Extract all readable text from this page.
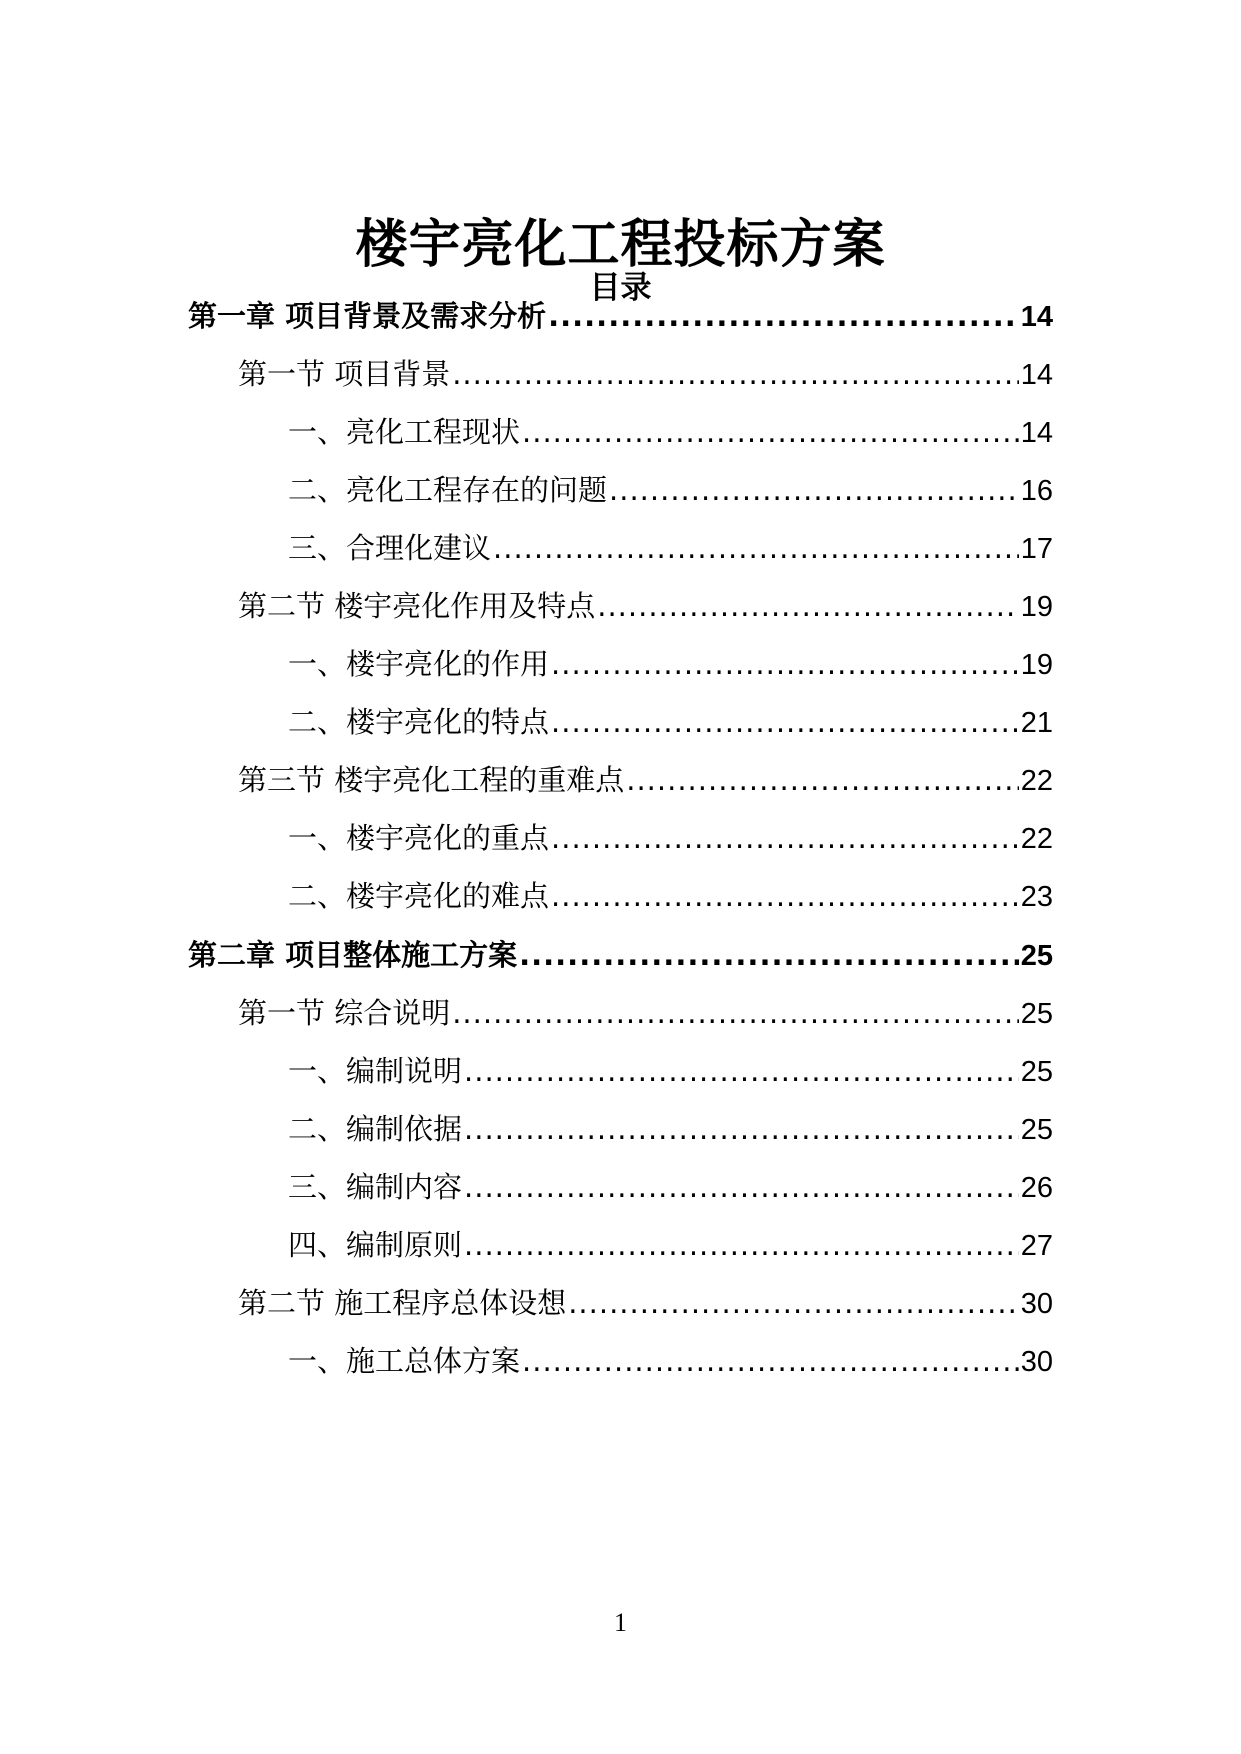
楼宇亮化工程投标方案
目录
第一章 项目背景及需求分析 .....	14
第一节 项目背景 .....	14
一、亮化工程现状 .....	14
二、亮化工程存在的问题 .....	16
三、合理化建议 .....	17
第二节 楼宇亮化作用及特点 .....	19
一、楼宇亮化的作用 .....	19
二、楼宇亮化的特点 .....	21
第三节 楼宇亮化工程的重难点 .....	22
一、楼宇亮化的重点 .....	22
二、楼宇亮化的难点 .....	23
第二章 项目整体施工方案 .....	25
第一节 综合说明 .....	25
一、编制说明 .....	25
二、编制依据 .....	25
三、编制内容 .....	26
四、编制原则 .....	27
第二节 施工程序总体设想 .....	30
一、施工总体方案 .....	30
1
